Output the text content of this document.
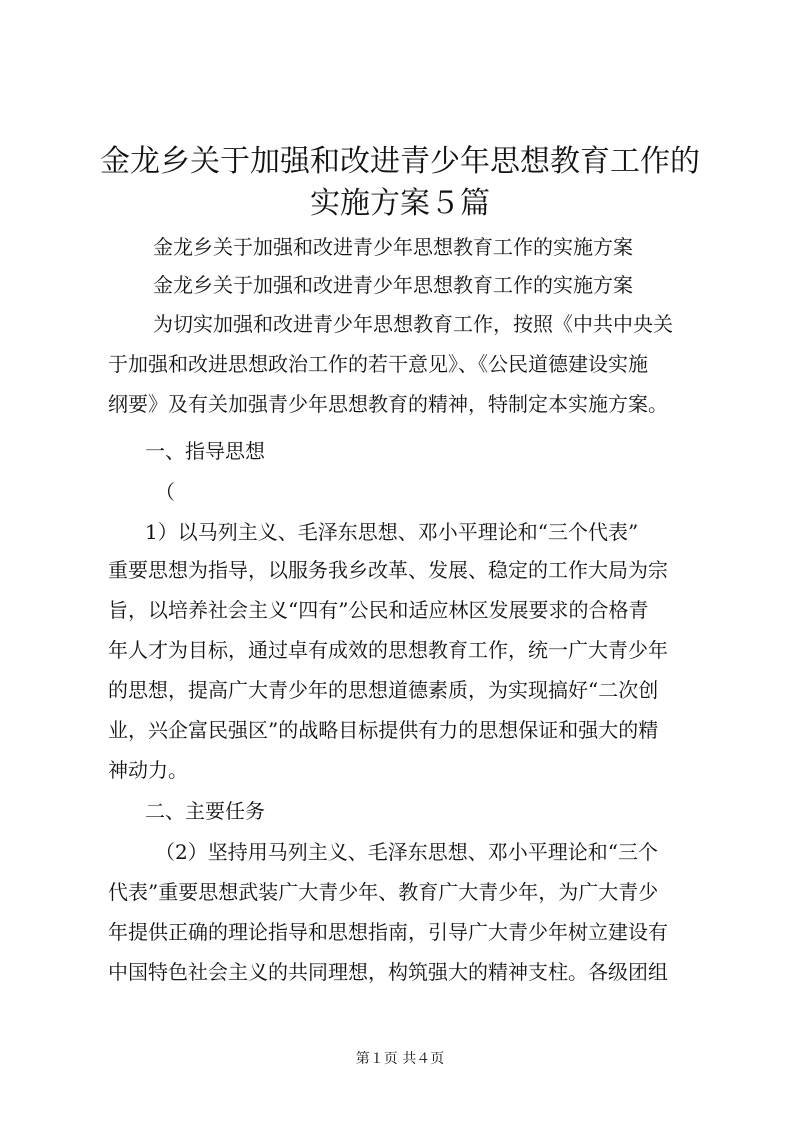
金龙乡关于加强和改进青少年思想教育工作的
实施方案５篇

金龙乡关于加强和改进青少年思想教育工作的实施方案

金龙乡关于加强和改进青少年思想教育工作的实施方案

为切实加强和改进青少年思想教育工作，按照《中共中央关

于加强和改进思想政治工作的若干意见》、《公民道德建设实施

纲要》及有关加强青少年思想教育的精神，特制定本实施方案。

一、指导思想

（

1）以马列主义、毛泽东思想、邓小平理论和“三个代表”

重要思想为指导，以服务我乡改革、发展、稳定的工作大局为宗

旨，以培养社会主义“四有”公民和适应林区发展要求的合格青

年人才为目标，通过卓有成效的思想教育工作，统一广大青少年

的思想，提高广大青少年的思想道德素质，为实现搞好“二次创

业，兴企富民强区”的战略目标提供有力的思想保证和强大的精

神动力。

二、主要任务

（2）坚持用马列主义、毛泽东思想、邓小平理论和“三个

代表”重要思想武装广大青少年、教育广大青少年，为广大青少

年提供正确的理论指导和思想指南，引导广大青少年树立建设有

中国特色社会主义的共同理想，构筑强大的精神支柱。各级团组

第１页 共４页
